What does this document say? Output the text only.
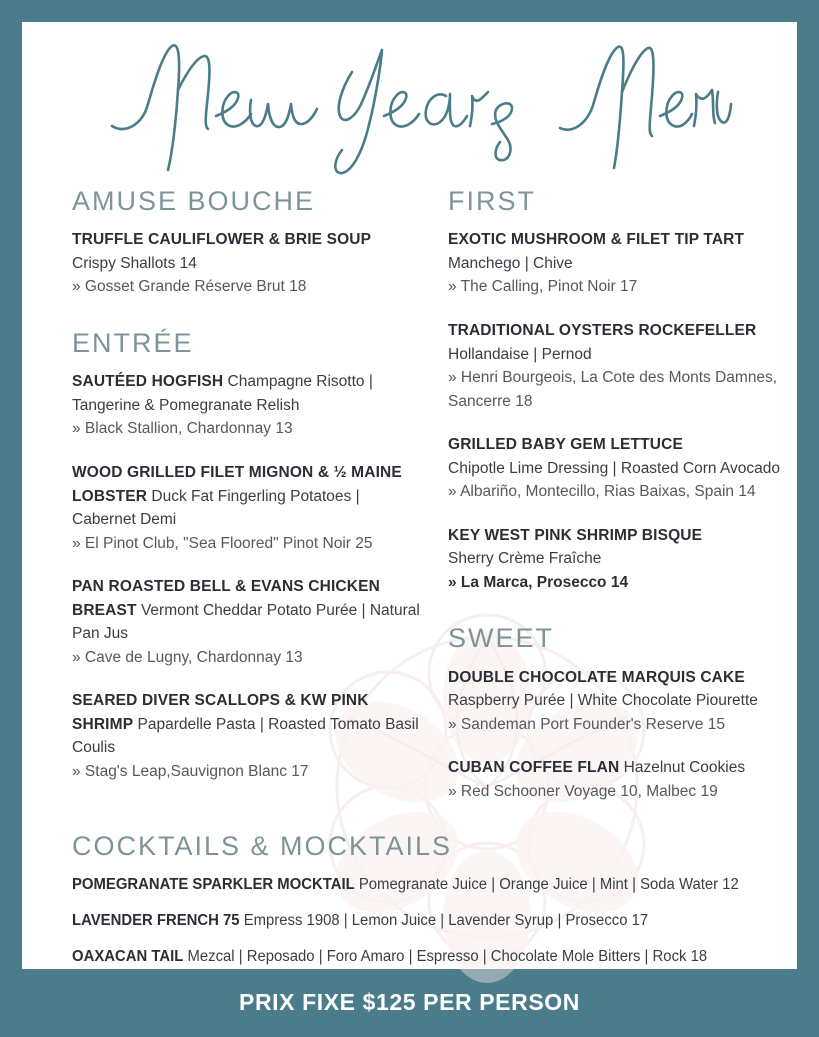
AMUSE BOUCHE
TRUFFLE CAULIFLOWER & BRIE SOUP
Crispy Shallots 14
» Gosset Grande Réserve Brut 18
ENTRÉE
SAUTÉED HOGFISH Champagne Risotto | Tangerine & Pomegranate Relish
» Black Stallion, Chardonnay 13
WOOD GRILLED FILET MIGNON & ½ MAINE LOBSTER Duck Fat Fingerling Potatoes | Cabernet Demi
» El Pinot Club, "Sea Floored" Pinot Noir 25
PAN ROASTED BELL & EVANS CHICKEN BREAST Vermont Cheddar Potato Purée | Natural Pan Jus
» Cave de Lugny, Chardonnay 13
SEARED DIVER SCALLOPS & KW PINK SHRIMP Papardelle Pasta | Roasted Tomato Basil Coulis
» Stag's Leap,Sauvignon Blanc 17
FIRST
EXOTIC MUSHROOM & FILET TIP TART
Manchego | Chive
» The Calling, Pinot Noir 17
TRADITIONAL OYSTERS ROCKEFELLER
Hollandaise | Pernod
» Henri Bourgeois, La Cote des Monts Damnes, Sancerre 18
GRILLED BABY GEM LETTUCE
Chipotle Lime Dressing | Roasted Corn Avocado
» Albariño, Montecillo, Rias Baixas, Spain 14
KEY WEST PINK SHRIMP BISQUE
Sherry Crème Fraîche
» La Marca, Prosecco 14
SWEET
DOUBLE CHOCOLATE MARQUIS CAKE
Raspberry Purée | White Chocolate Piourette
» Sandeman Port Founder's Reserve 15
CUBAN COFFEE FLAN Hazelnut Cookies
» Red Schooner Voyage 10, Malbec 19
COCKTAILS & MOCKTAILS
POMEGRANATE SPARKLER MOCKTAIL Pomegranate Juice | Orange Juice | Mint | Soda Water 12
LAVENDER FRENCH 75 Empress 1908 | Lemon Juice | Lavender Syrup | Prosecco 17
OAXACAN TAIL Mezcal | Reposado | Foro Amaro | Espresso | Chocolate Mole Bitters | Rock 18
PRIX FIXE $125 PER PERSON
